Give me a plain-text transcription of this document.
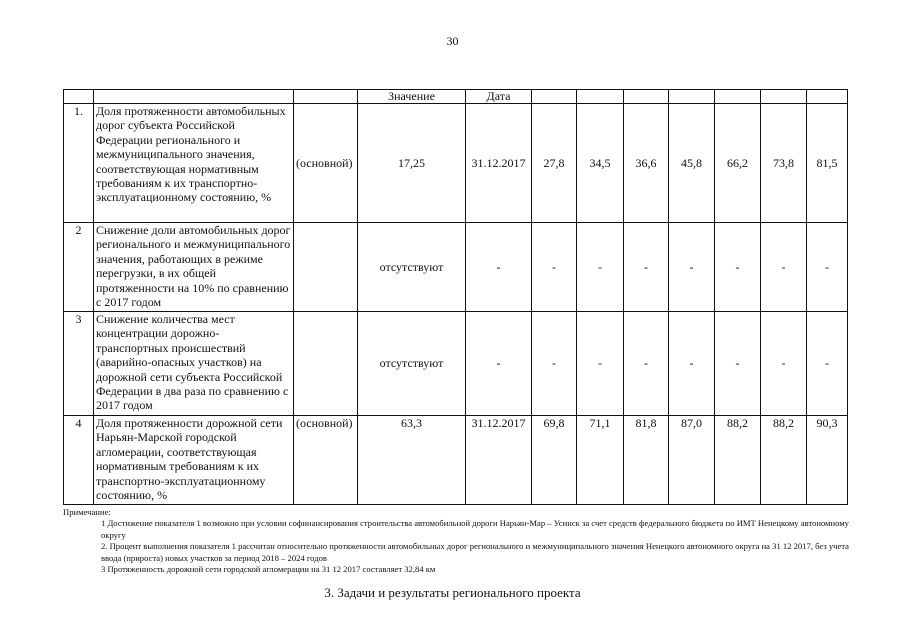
30
			Значение	Дата							
1.	Доля протяженности автомобильных дорог субъекта Российской Федерации регионального и межмуниципального значения, соответствующая нормативным требованиям к их транспортно-эксплуатационному состоянию, %	(основной)	17,25	31.12.2017	27,8	34,5	36,6	45,8	66,2	73,8	81,5
2	Снижение доли автомобильных дорог регионального и межмуниципального значения, работающих в режиме перегрузки, в их общей протяженности на 10% по сравнению с 2017 годом		отсутствуют	-	-	-	-	-	-	-	-
3	Снижение количества мест концентрации дорожно-транспортных происшествий (аварийно-опасных участков) на дорожной сети субъекта Российской Федерации в два раза по сравнению с 2017 годом		отсутствуют	-	-	-	-	-	-	-	-
4	Доля протяженности дорожной сети Нарьян-Марской городской агломерации, соответствующая нормативным требованиям к их транспортно-эксплуатационному состоянию, %	(основной)	63,3	31.12.2017	69,8	71,1	81,8	87,0	88,2	88,2	90,3

Примечание:

1 Достижение показателя 1 возможно при условии софинансирования строительства автомобильной дороги Нарьян-Мар – Усинск за счет средств федерального бюджета по ИМТ Ненецкому автономному округу

2. Процент выполнения показателя 1 рассчитан относительно протяженности автомобильных дорог регионального и межмуниципального значения Ненецкого автономного округа на 31 12 2017, без учета ввода (прироста) новых участков за период 2018 – 2024 годов

3 Протяженность дорожной сети городской агломерации на 31 12 2017 составляет 32,84 км

3. Задачи и результаты регионального проекта
